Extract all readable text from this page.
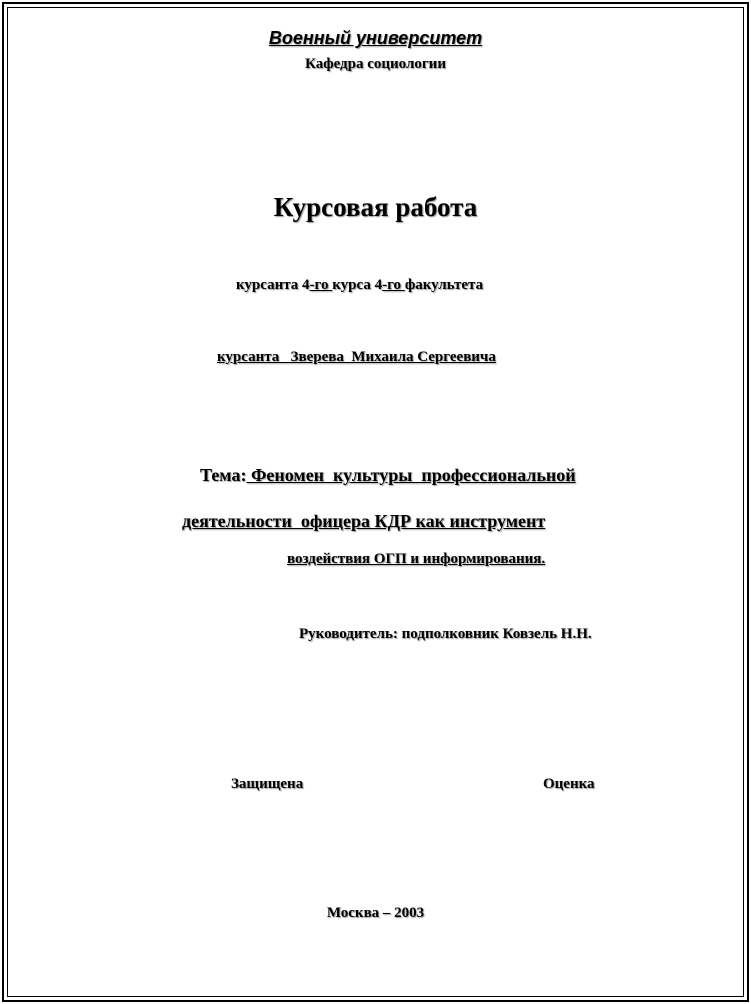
Военный университет
Кафедра социологии
Курсовая работа
курсанта 4-го курса 4-го факультета
курсанта   Зверева  Михаила Сергеевича
Тема: Феномен  культуры  профессиональной
деятельности  офицера КДР как инструмент
воздействия ОГП и информирования.
Руководитель: подполковник Ковзель Н.Н.
Защищена	Оценка
Москва – 2003
